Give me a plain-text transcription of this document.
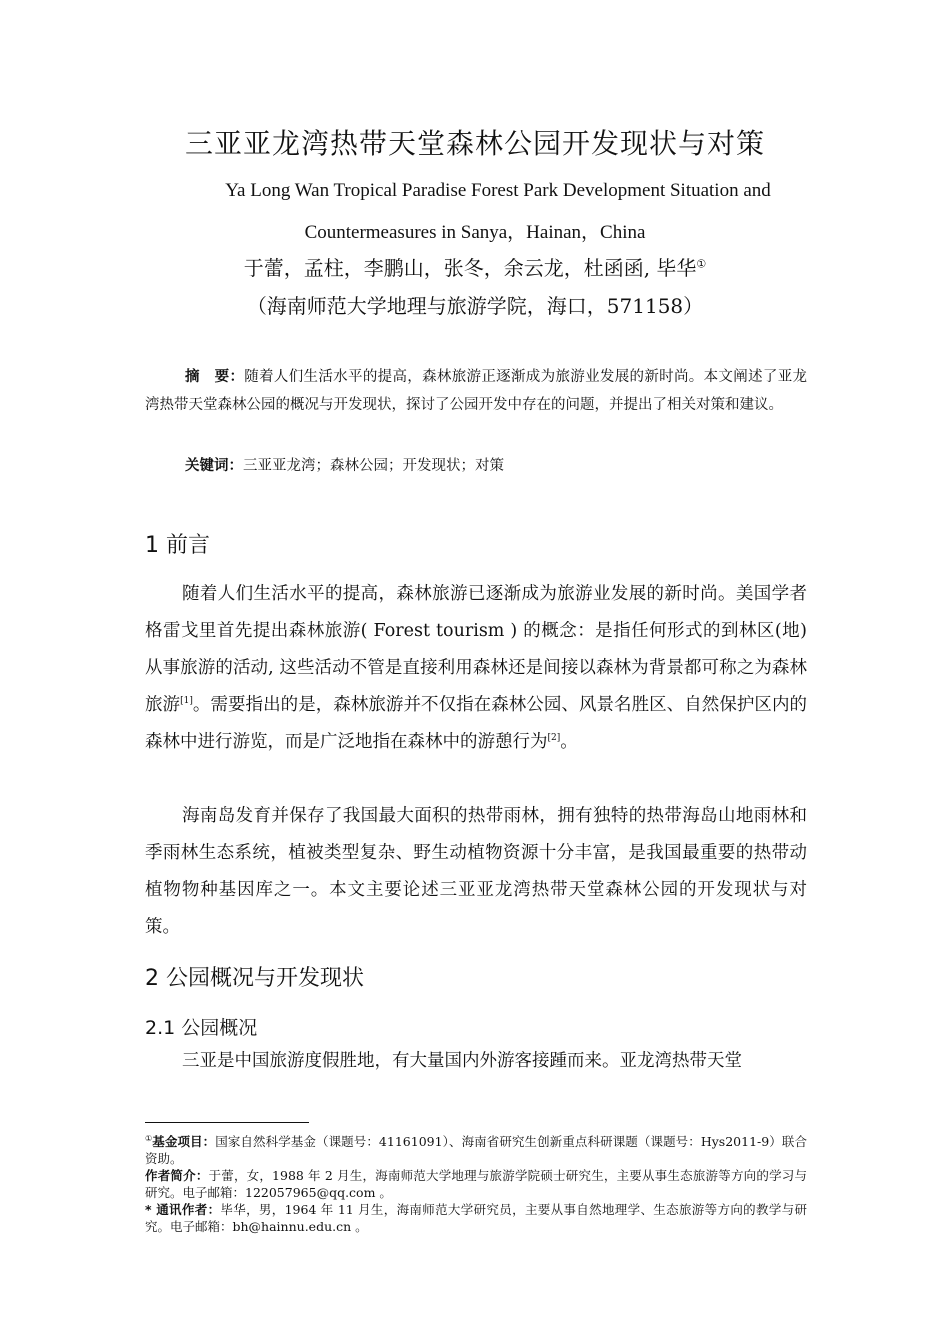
三亚亚龙湾热带天堂森林公园开发现状与对策
Ya Long Wan Tropical Paradise Forest Park Development Situation and
Countermeasures in Sanya，Hainan，China
于蕾，孟柱，李鹏山，张冬，余云龙，杜函函, 毕华①
（海南师范大学地理与旅游学院，海口，571158）
摘　要：随着人们生活水平的提高，森林旅游正逐渐成为旅游业发展的新时尚。本文阐述了亚龙湾热带天堂森林公园的概况与开发现状，探讨了公园开发中存在的问题，并提出了相关对策和建议。
关键词：三亚亚龙湾；森林公园；开发现状；对策
1 前言
随着人们生活水平的提高，森林旅游已逐渐成为旅游业发展的新时尚。美国学者格雷戈里首先提出森林旅游( Forest tourism ) 的概念：是指任何形式的到林区(地) 从事旅游的活动, 这些活动不管是直接利用森林还是间接以森林为背景都可称之为森林旅游[1]。需要指出的是，森林旅游并不仅指在森林公园、风景名胜区、自然保护区内的森林中进行游览，而是广泛地指在森林中的游憩行为[2]。
海南岛发育并保存了我国最大面积的热带雨林，拥有独特的热带海岛山地雨林和季雨林生态系统，植被类型复杂、野生动植物资源十分丰富，是我国最重要的热带动植物物种基因库之一。本文主要论述三亚亚龙湾热带天堂森林公园的开发现状与对策。
2 公园概况与开发现状
2.1 公园概况
三亚是中国旅游度假胜地，有大量国内外游客接踵而来。亚龙湾热带天堂

①基金项目：国家自然科学基金（课题号：41161091）、海南省研究生创新重点科研课题（课题号：Hys2011-9）联合资助。

作者简介：于蕾，女，1988 年 2 月生，海南师范大学地理与旅游学院硕士研究生，主要从事生态旅游等方向的学习与研究。电子邮箱：122057965@qq.com 。

* 通讯作者：毕华，男，1964 年 11 月生，海南师范大学研究员，主要从事自然地理学、生态旅游等方向的教学与研究。电子邮箱：bh@hainnu.edu.cn 。
